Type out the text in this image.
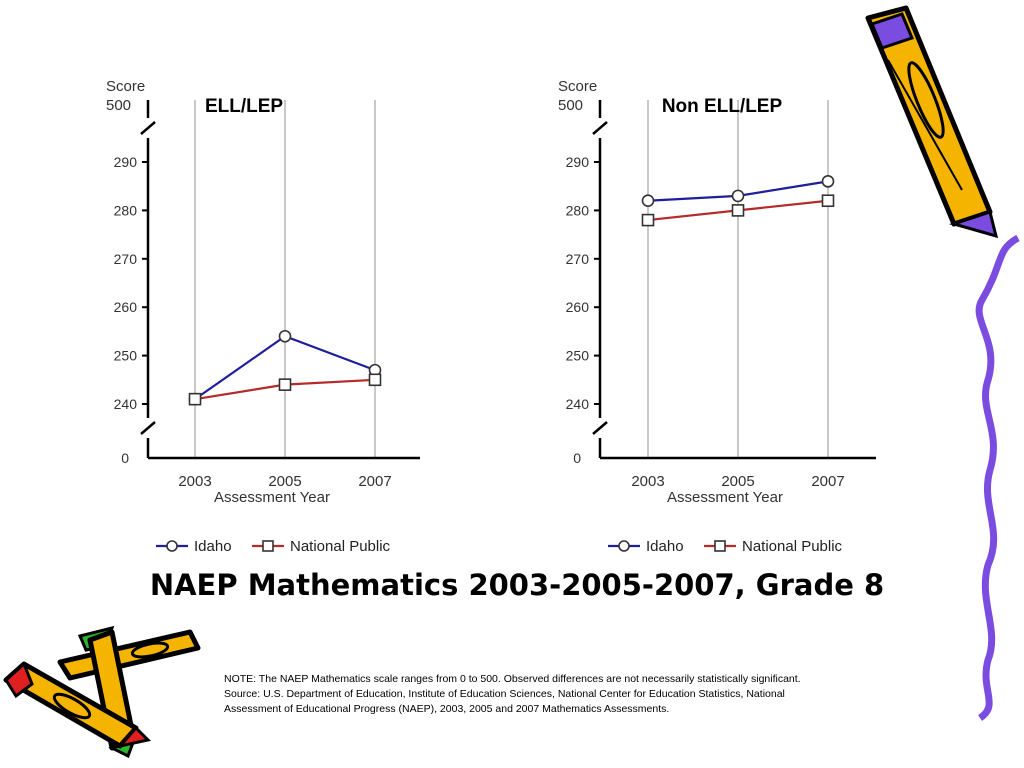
Score
500
290
280
270
260
250
240
0
2003	2005	2007
Assessment Year
ELL/LEP
Idaho	National Public
Score
500
290
280
270
260
250
240
0
2003	2005	2007
Assessment Year
Non ELL/LEP
Idaho	National Public
NAEP Mathematics 2003-2005-2007, Grade 8
NOTE: The NAEP Mathematics scale ranges from 0 to 500. Observed differences are not necessarily statistically significant.
Source: U.S. Department of Education, Institute of Education Sciences, National Center for Education Statistics, National
Assessment of Educational Progress (NAEP), 2003, 2005 and 2007 Mathematics Assessments.
